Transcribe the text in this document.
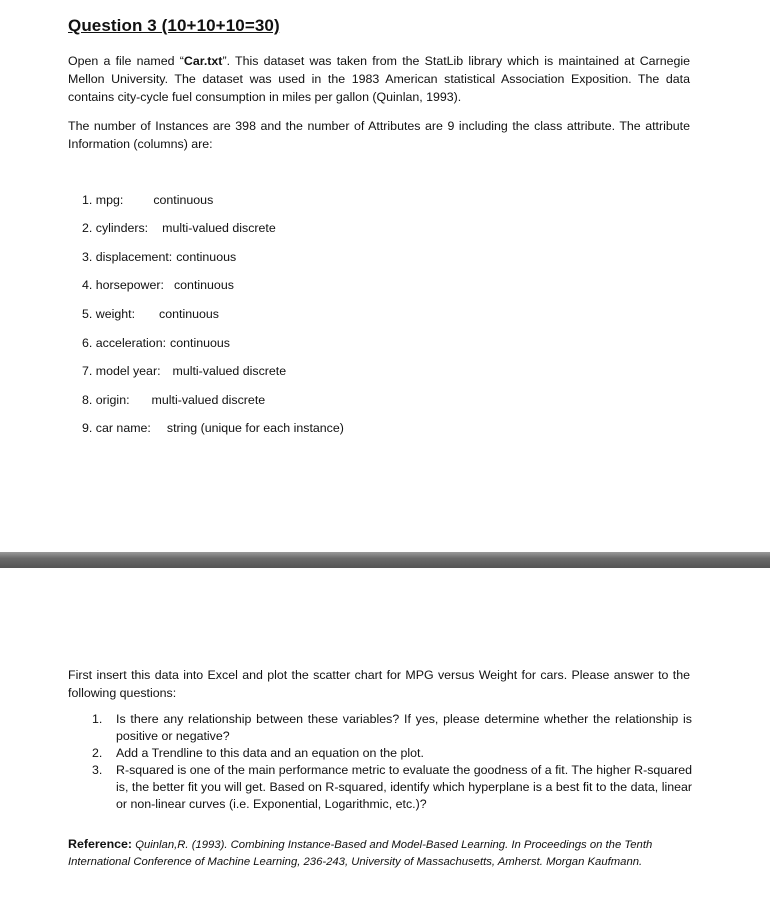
Question 3 (10+10+10=30)

Open a file named “Car.txt”. This dataset was taken from the StatLib library which is maintained at Carnegie Mellon University. The dataset was used in the 1983 American statistical Association Exposition. The data contains city-cycle fuel consumption in miles per gallon (Quinlan, 1993).

The number of Instances are 398 and the number of Attributes are 9 including the class attribute. The attribute Information (columns) are:

1. mpg: continuous
2. cylinders: multi-valued discrete
3. displacement: continuous
4. horsepower: continuous
5. weight: continuous
6. acceleration: continuous
7. model year: multi-valued discrete
8. origin: multi-valued discrete
9. car name: string (unique for each instance)

First insert this data into Excel and plot the scatter chart for MPG versus Weight for cars. Please answer to the following questions:

1. Is there any relationship between these variables? If yes, please determine whether the relationship is positive or negative?
2. Add a Trendline to this data and an equation on the plot.
3. R-squared is one of the main performance metric to evaluate the goodness of a fit. The higher R-squared is, the better fit you will get. Based on R-squared, identify which hyperplane is a best fit to the data, linear or non-linear curves (i.e. Exponential, Logarithmic, etc.)?

Reference: Quinlan,R. (1993). Combining Instance-Based and Model-Based Learning. In Proceedings on the Tenth International Conference of Machine Learning, 236-243, University of Massachusetts, Amherst. Morgan Kaufmann.
